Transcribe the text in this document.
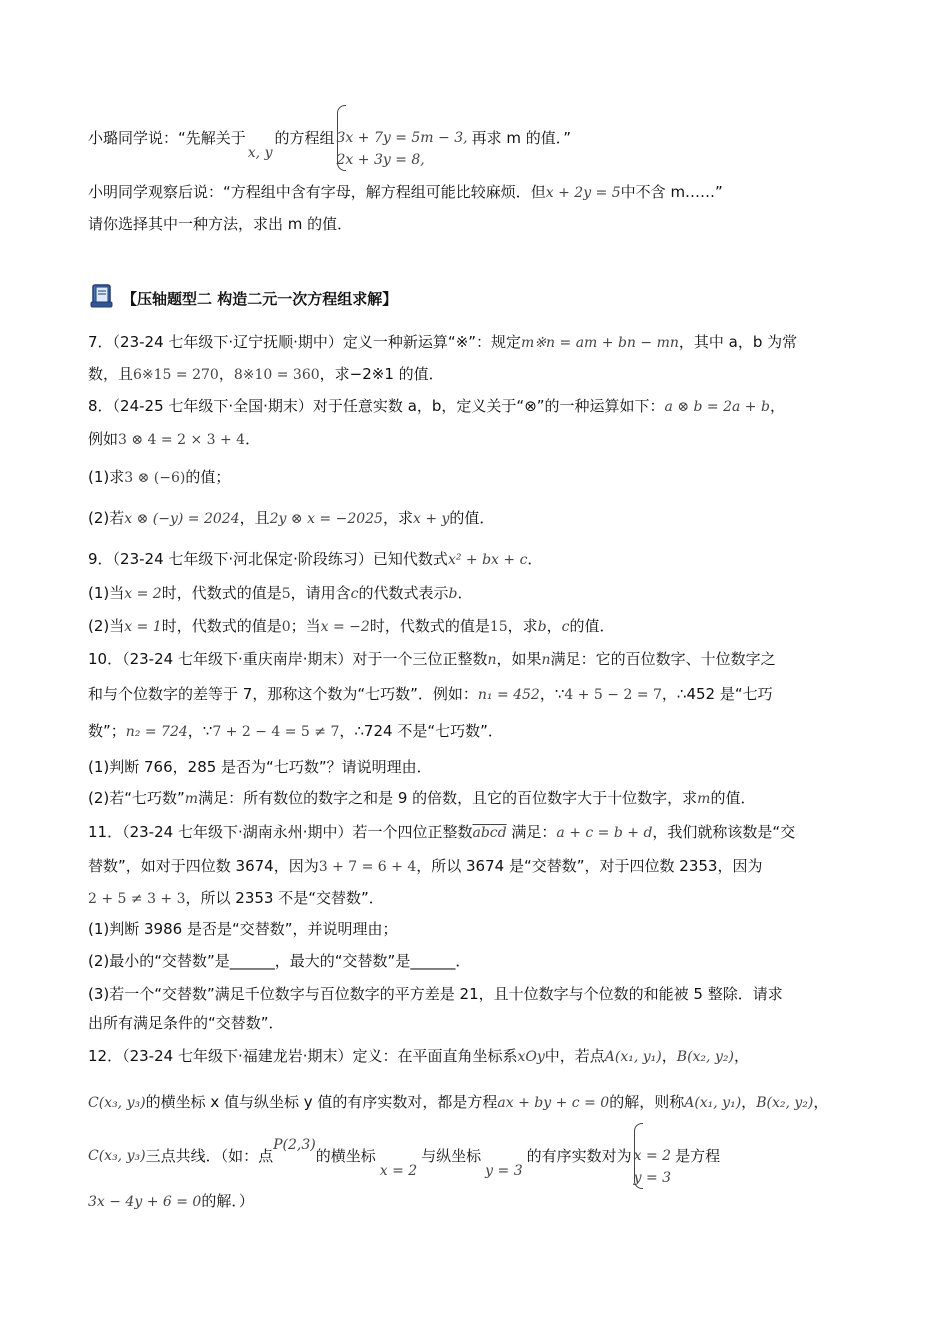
小璐同学说：“先解关于
x, y
的方程组 3x + 7y = 5m − 3,
2x + 3y = 8,
再求 m 的值．”
小明同学观察后说：“方程组中含有字母，解方程组可能比较麻烦．但x + 2y = 5中不含 m……”
请你选择其中一种方法，求出 m 的值．
【压轴题型二 构造二元一次方程组求解】
7．（23-24 七年级下·辽宁抚顺·期中）定义一种新运算“※”：规定m※n = am + bn − mn，其中 a，b 为常
数，且6※15 = 270，8※10 = 360，求−2※1 的值．
8．（24-25 七年级下·全国·期末）对于任意实数 a，b，定义关于“⊗”的一种运算如下：a ⊗ b = 2a + b，
例如3 ⊗ 4 = 2 × 3 + 4．
(1)求3 ⊗ (−6)的值；
(2)若x ⊗ (−y) = 2024，且2y ⊗ x = −2025，求x + y的值．
9．（23-24 七年级下·河北保定·阶段练习）已知代数式x² + bx + c．
(1)当x = 2时，代数式的值是5，请用含c的代数式表示b．
(2)当x = 1时，代数式的值是0；当x = −2时，代数式的值是15，求b，c的值．
10．（23-24 七年级下·重庆南岸·期末）对于一个三位正整数n，如果n满足：它的百位数字、十位数字之
和与个位数字的差等于 7，那称这个数为“七巧数”．例如：n₁ = 452，∵4 + 5 − 2 = 7，∴452 是“七巧
数”；n₂ = 724，∵7 + 2 − 4 = 5 ≠ 7，∴724 不是“七巧数”．
(1)判断 766，285 是否为“七巧数”？请说明理由．
(2)若“七巧数”m满足：所有数位的数字之和是 9 的倍数，且它的百位数字大于十位数字，求m的值．
11．（23-24 七年级下·湖南永州·期中）若一个四位正整数abcd 满足：a + c = b + d，我们就称该数是“交
替数”，如对于四位数 3674，因为3 + 7 = 6 + 4，所以 3674 是“交替数”，对于四位数 2353，因为
2 + 5 ≠ 3 + 3，所以 2353 不是“交替数”．
(1)判断 3986 是否是“交替数”，并说明理由；
(2)最小的“交替数”是______，最大的“交替数”是______．
(3)若一个“交替数”满足千位数字与百位数字的平方差是 21，且十位数字与个位数的和能被 5 整除．请求
出所有满足条件的“交替数”．
12．（23-24 七年级下·福建龙岩·期末）定义：在平面直角坐标系xOy中，若点A(x₁, y₁)，B(x₂, y₂)，
C(x₃, y₃)的横坐标 x 值与纵坐标 y 值的有序实数对，都是方程ax + by + c = 0的解，则称A(x₁, y₁)，B(x₂, y₂)，
C(x₃, y₃) 三点共线．（如：点
P(2,3)
的横坐标
x = 2
与纵坐标
y = 3
的有序实数对为 x = 2
y = 3
是方程
3x − 4y + 6 = 0的解．）
